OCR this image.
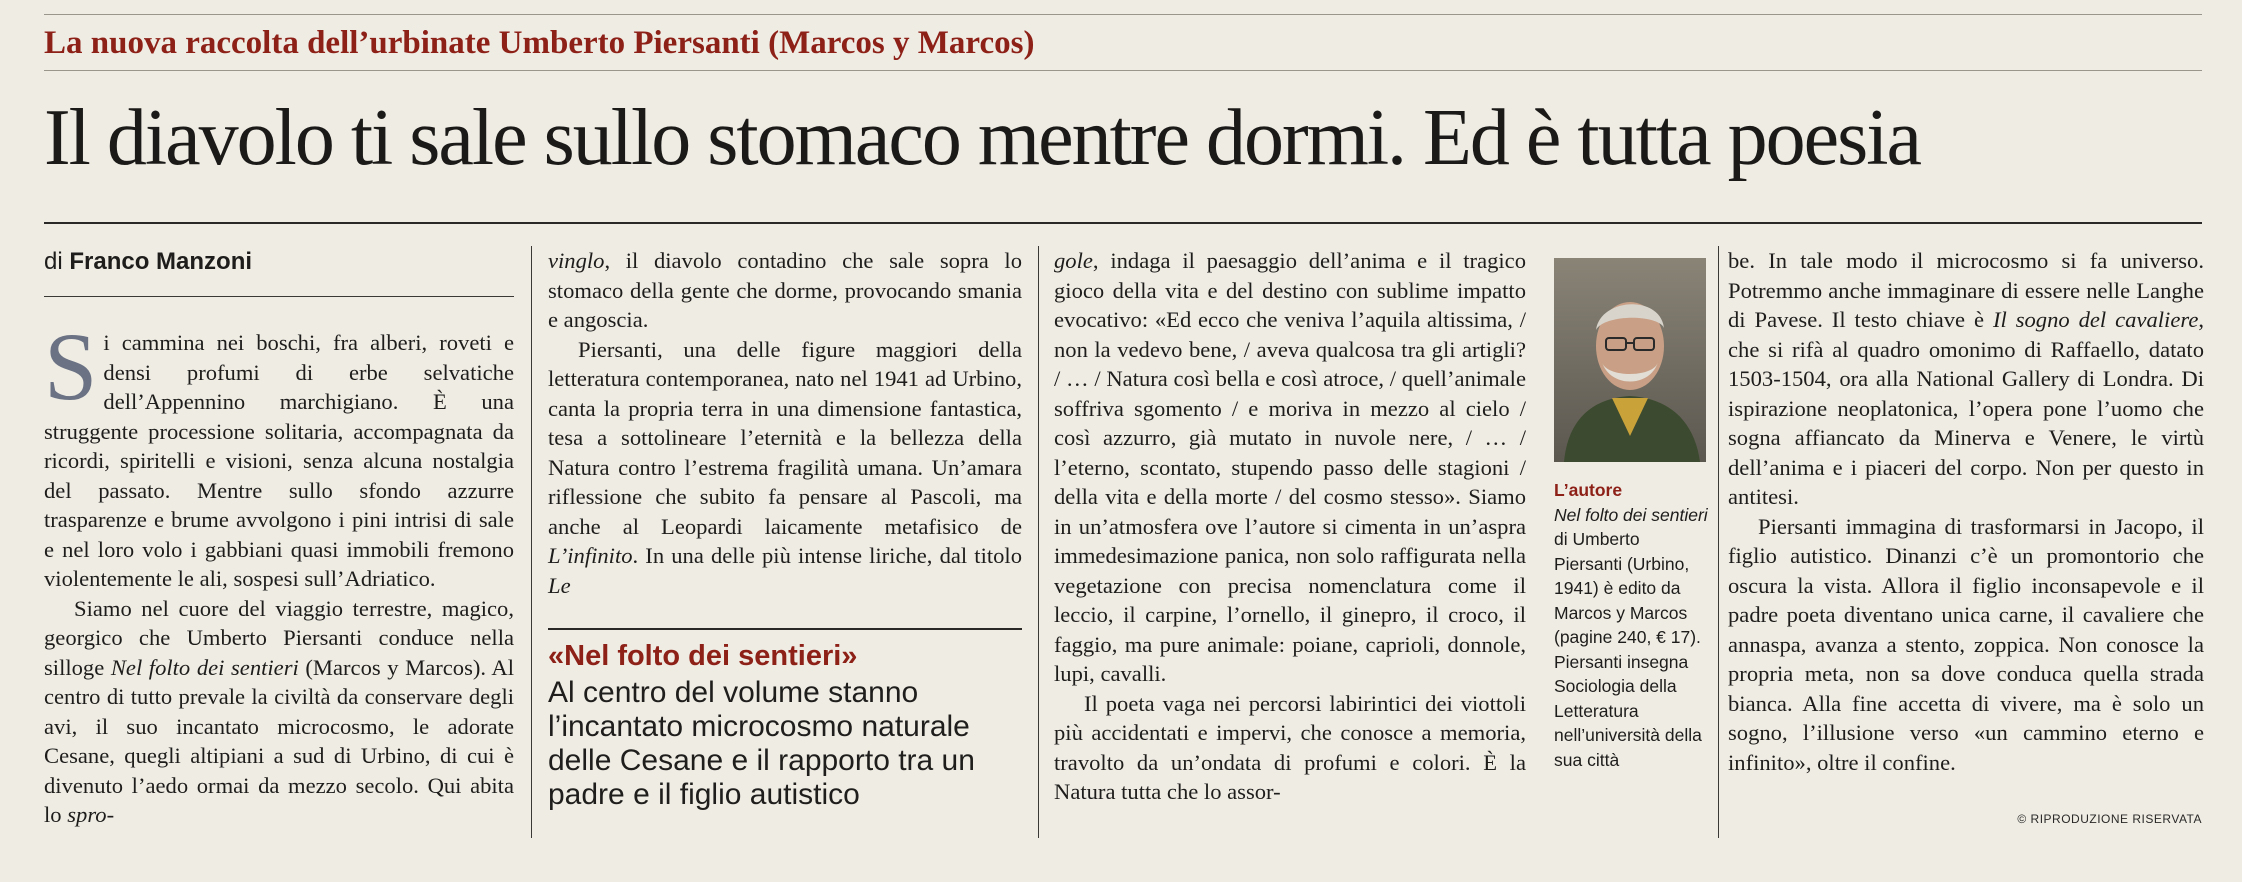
La nuova raccolta dell’urbinate Umberto Piersanti (Marcos y Marcos)
Il diavolo ti sale sullo stomaco mentre dormi. Ed è tutta poesia
di Franco Manzoni

Si cammina nei boschi, fra alberi, roveti e densi profumi di erbe selvatiche dell’Appennino marchigiano. È una struggente processione solitaria, accompagnata da ricordi, spiritelli e visioni, senza alcuna nostalgia del passato. Mentre sullo sfondo azzurre trasparenze e brume avvolgono i pini intrisi di sale e nel loro volo i gabbiani quasi immobili fremono violentemente le ali, sospesi sull’Adriatico.

Siamo nel cuore del viaggio terrestre, magico, georgico che Umberto Piersanti conduce nella silloge Nel folto dei sentieri (Marcos y Marcos). Al centro di tutto prevale la civiltà da conservare degli avi, il suo incantato microcosmo, le adorate Cesane, quegli altipiani a sud di Urbino, di cui è divenuto l’aedo ormai da mezzo secolo. Qui abita lo spro-

vinglo, il diavolo contadino che sale sopra lo stomaco della gente che dorme, provocando smania e angoscia.

Piersanti, una delle figure maggiori della letteratura contemporanea, nato nel 1941 ad Urbino, canta la propria terra in una dimensione fantastica, tesa a sottolineare l’eternità e la bellezza della Natura contro l’estrema fragilità umana. Un’amara riflessione che subito fa pensare al Pascoli, ma anche al Leopardi laicamente metafisico de L’infinito. In una delle più intense liriche, dal titolo Le

«Nel folto dei sentieri»
Al centro del volume stanno l’incantato microcosmo naturale delle Cesane e il rapporto tra un padre e il figlio autistico

gole, indaga il paesaggio dell’anima e il tragico gioco della vita e del destino con sublime impatto evocativo: «Ed ecco che veniva l’aquila altissima, / non la vedevo bene, / aveva qualcosa tra gli artigli? / … / Natura così bella e così atroce, / quell’animale soffriva sgomento / e moriva in mezzo al cielo / così azzurro, già mutato in nuvole nere, / … / l’eterno, scontato, stupendo passo delle stagioni / della vita e della morte / del cosmo stesso». Siamo in un’atmosfera ove l’autore si cimenta in un’aspra immedesimazione panica, non solo raffigurata nella vegetazione con precisa nomenclatura come il leccio, il carpine, l’ornello, il ginepro, il croco, il faggio, ma pure animale: poiane, caprioli, donnole, lupi, cavalli.

Il poeta vaga nei percorsi labirintici dei viottoli più accidentati e impervi, che conosce a memoria, travolto da un’ondata di profumi e colori. È la Natura tutta che lo assor-

L’autore
Nel folto dei sentieri di Umberto Piersanti (Urbino, 1941) è edito da Marcos y Marcos (pagine 240, € 17). Piersanti insegna Sociologia della Letteratura nell’università della sua città

be. In tale modo il microcosmo si fa universo. Potremmo anche immaginare di essere nelle Langhe di Pavese. Il testo chiave è Il sogno del cavaliere, che si rifà al quadro omonimo di Raffaello, datato 1503-1504, ora alla National Gallery di Londra. Di ispirazione neoplatonica, l’opera pone l’uomo che sogna affiancato da Minerva e Venere, le virtù dell’anima e i piaceri del corpo. Non per questo in antitesi.

Piersanti immagina di trasformarsi in Jacopo, il figlio autistico. Dinanzi c’è un promontorio che oscura la vista. Allora il figlio inconsapevole e il padre poeta diventano unica carne, il cavaliere che annaspa, avanza a stento, zoppica. Non conosce la propria meta, non sa dove conduca quella strada bianca. Alla fine accetta di vivere, ma è solo un sogno, l’illusione verso «un cammino eterno e infinito», oltre il confine.

© RIPRODUZIONE RISERVATA
